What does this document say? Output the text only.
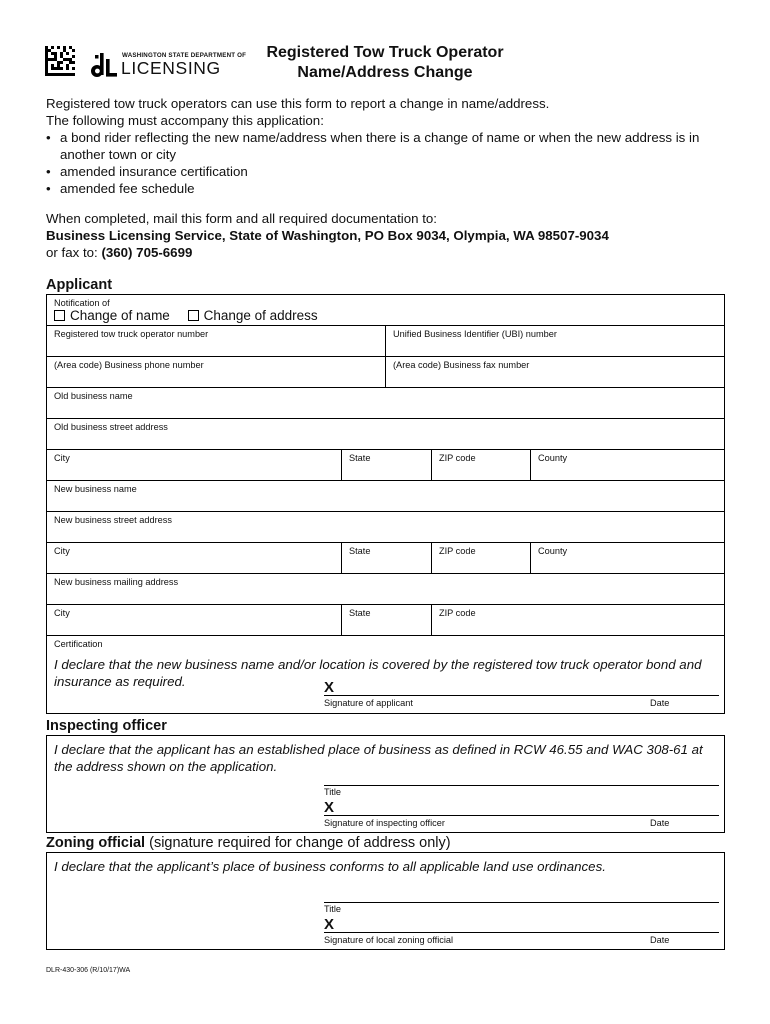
WASHINGTON STATE DEPARTMENT OF
LICENSING
Registered Tow Truck Operator
Name/Address Change
Registered tow truck operators can use this form to report a change in name/address.
The following must accompany this application:
• a bond rider reflecting the new name/address when there is a change of name or when the new address is in another town or city
• amended insurance certification
• amended fee schedule
When completed, mail this form and all required documentation to:
Business Licensing Service, State of Washington, PO Box 9034, Olympia, WA 98507-9034
or fax to: (360) 705-6699
Applicant
Notification of
Change of name	Change of address
Registered tow truck operator number	Unified Business Identifier (UBI) number
(Area code) Business phone number	(Area code) Business fax number
Old business name
Old business street address
City	State	ZIP code	County
New business name
New business street address
City	State	ZIP code	County
New business mailing address
City	State	ZIP code
Certification
I declare that the new business name and/or location is covered by the registered tow truck operator bond and insurance as required.	X
Signature of applicant	Date
Inspecting officer
I declare that the applicant has an established place of business as defined in RCW 46.55 and WAC 308-61 at the address shown on the application.
Title
X
Signature of inspecting officer	Date
Zoning official (signature required for change of address only)
I declare that the applicant’s place of business conforms to all applicable land use ordinances.
Title
X
Signature of local zoning official	Date
DLR-430-306 (R/10/17)WA
